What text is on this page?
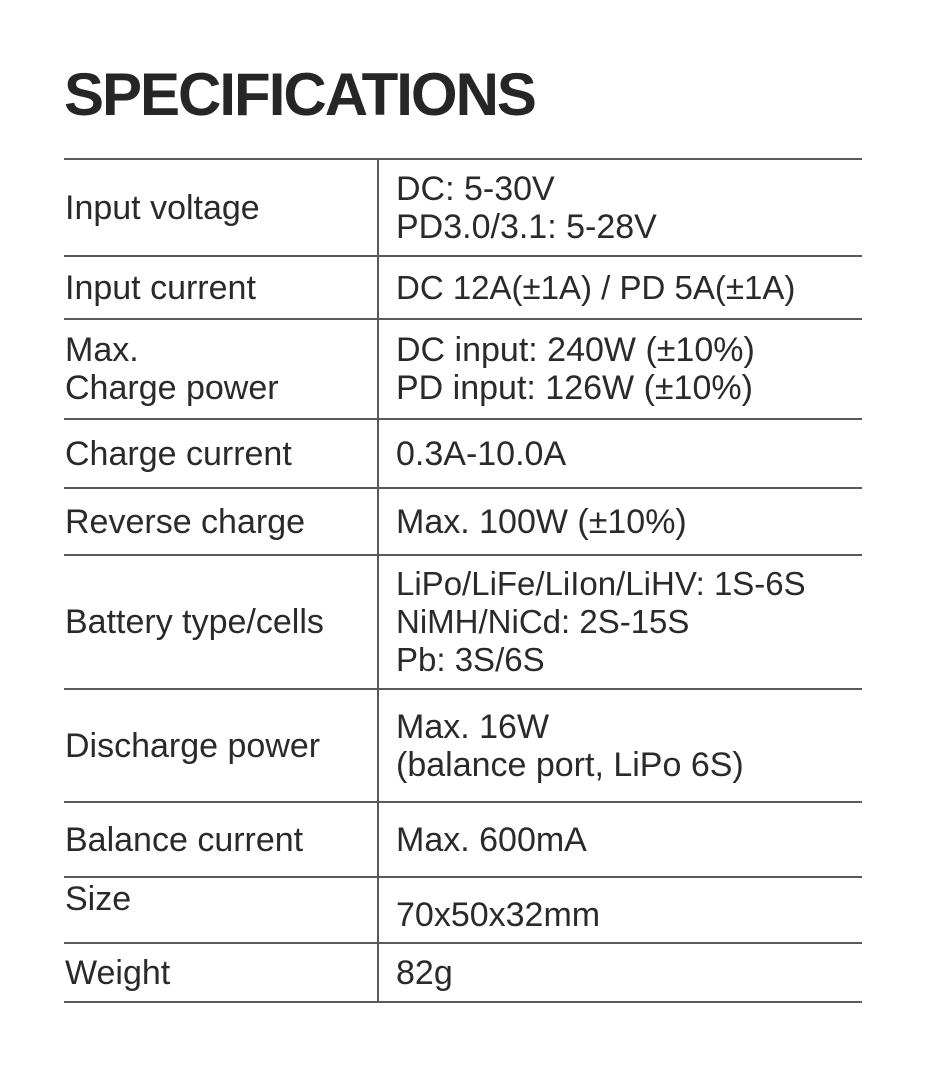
SPECIFICATIONS
Input voltage	DC: 5-30V
PD3.0/3.1: 5-28V

Input current	DC 12A(±1A) / PD 5A(±1A)

Max.
Charge power	DC input: 240W (±10%)
PD input: 126W (±10%)

Charge current	0.3A-10.0A

Reverse charge	Max. 100W (±10%)

Battery type/cells	LiPo/LiFe/LiIon/LiHV: 1S-6S
NiMH/NiCd: 2S-15S
Pb: 3S/6S

Discharge power	Max. 16W
(balance port, LiPo 6S)

Balance current	Max. 600mA

Size	70x50x32mm

Weight	82g
